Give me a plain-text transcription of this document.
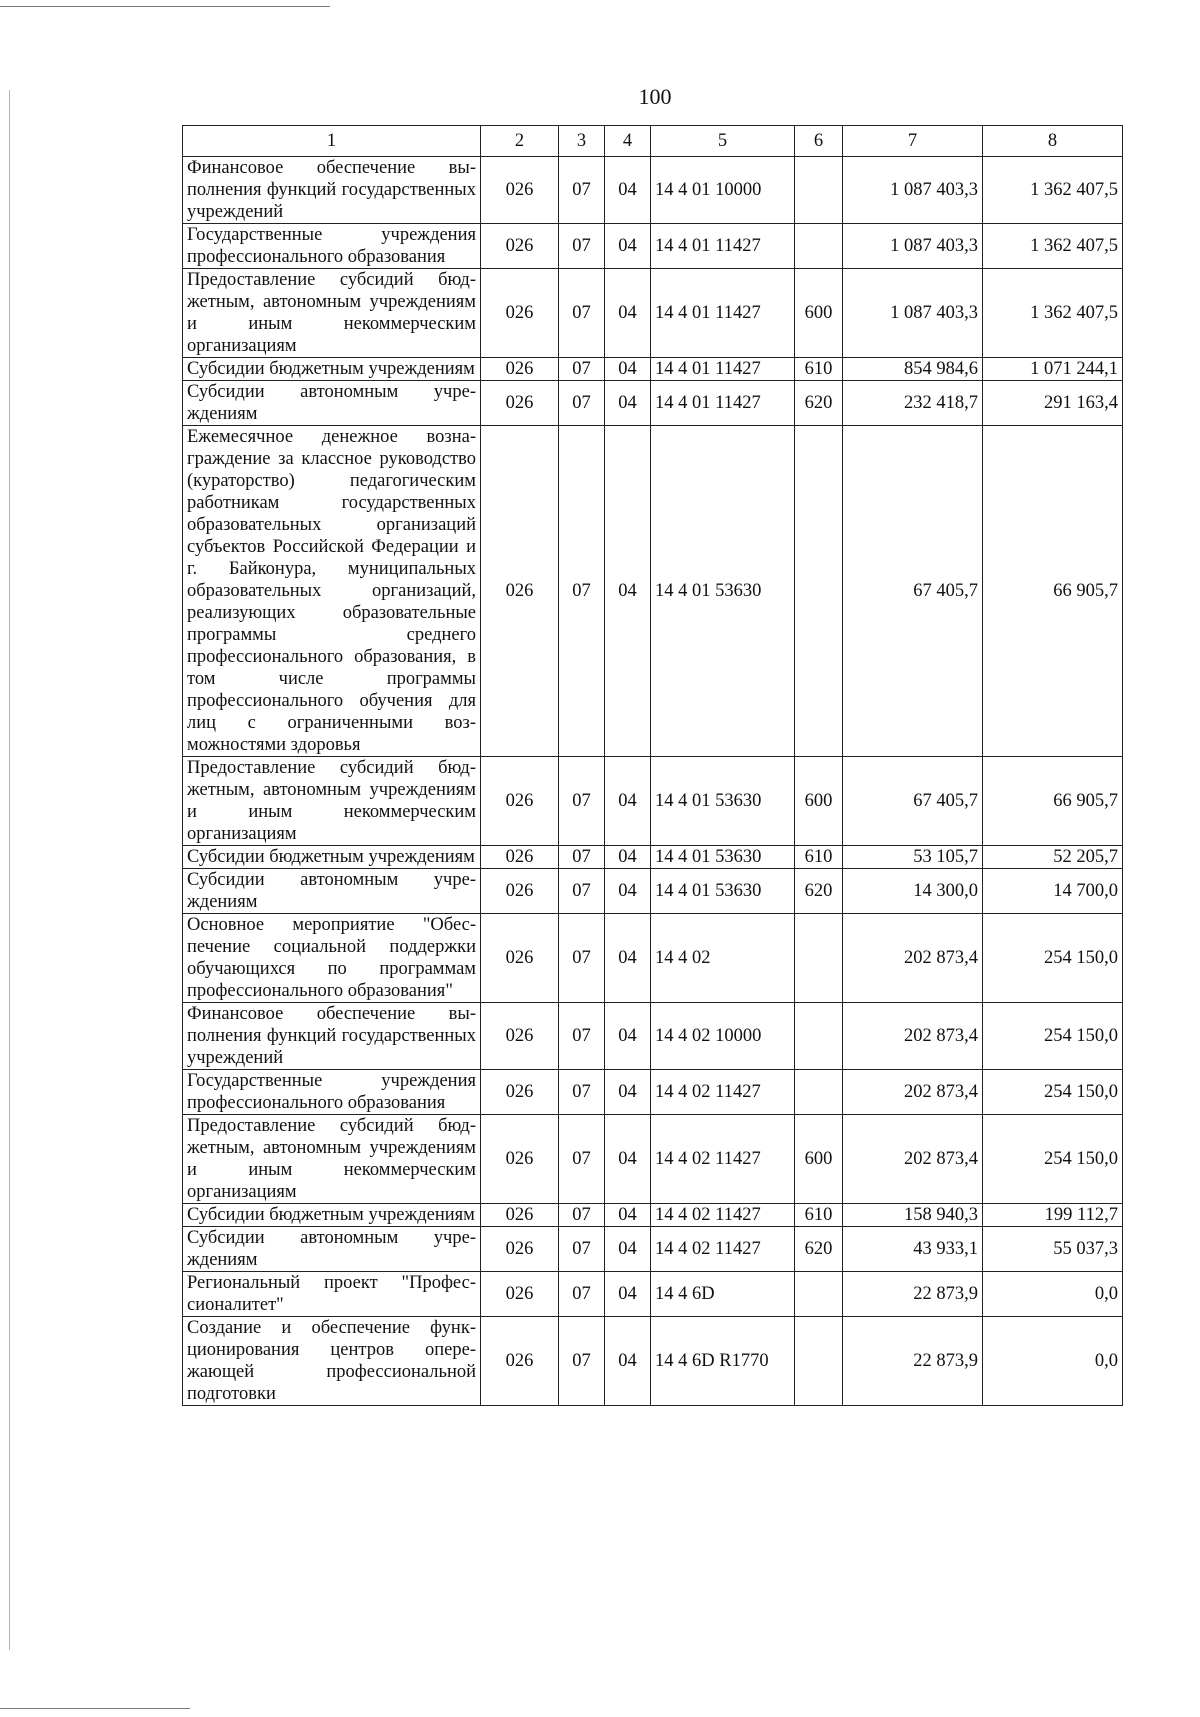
100
1	2	3	4	5	6	7	8
Финансовое обеспечение выполнения функций государственных учреждений	026	07	04	14 4 01 10000		1 087 403,3	1 362 407,5
Государственные учреждения профессионального образования	026	07	04	14 4 01 11427		1 087 403,3	1 362 407,5
Предоставление субсидий бюджетным, автономным учреждениям и иным некоммерческим организациям	026	07	04	14 4 01 11427	600	1 087 403,3	1 362 407,5
Субсидии бюджетным учреждениям	026	07	04	14 4 01 11427	610	854 984,6	1 071 244,1
Субсидии автономным учреждениям	026	07	04	14 4 01 11427	620	232 418,7	291 163,4
Ежемесячное денежное вознаграждение за классное руководство (кураторство) педагогическим работникам государственных образовательных организаций субъектов Российской Федерации и г. Байконура, муниципальных образовательных организаций, реализующих образовательные программы среднего профессионального образования, в том числе программы профессионального обучения для лиц с ограниченными возможностями здоровья	026	07	04	14 4 01 53630		67 405,7	66 905,7
Предоставление субсидий бюджетным, автономным учреждениям и иным некоммерческим организациям	026	07	04	14 4 01 53630	600	67 405,7	66 905,7
Субсидии бюджетным учреждениям	026	07	04	14 4 01 53630	610	53 105,7	52 205,7
Субсидии автономным учреждениям	026	07	04	14 4 01 53630	620	14 300,0	14 700,0
Основное мероприятие "Обеспечение социальной поддержки обучающихся по программам профессионального образования"	026	07	04	14 4 02		202 873,4	254 150,0
Финансовое обеспечение выполнения функций государственных учреждений	026	07	04	14 4 02 10000		202 873,4	254 150,0
Государственные учреждения профессионального образования	026	07	04	14 4 02 11427		202 873,4	254 150,0
Предоставление субсидий бюджетным, автономным учреждениям и иным некоммерческим организациям	026	07	04	14 4 02 11427	600	202 873,4	254 150,0
Субсидии бюджетным учреждениям	026	07	04	14 4 02 11427	610	158 940,3	199 112,7
Субсидии автономным учреждениям	026	07	04	14 4 02 11427	620	43 933,1	55 037,3
Региональный проект "Профессионалитет"	026	07	04	14 4 6D		22 873,9	0,0
Создание и обеспечение функционирования центров опережающей профессиональной подготовки	026	07	04	14 4 6D R1770		22 873,9	0,0
